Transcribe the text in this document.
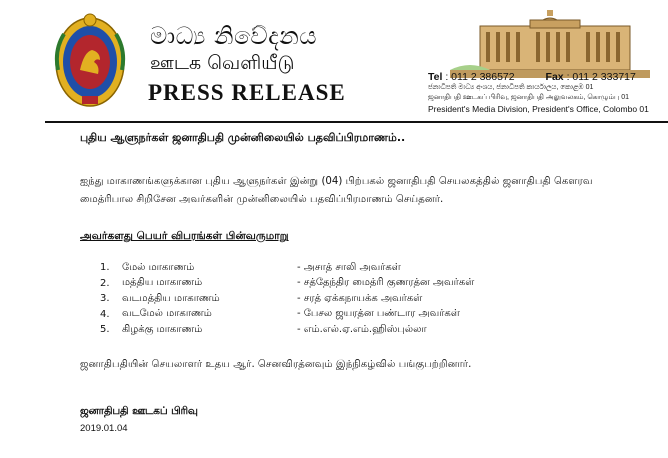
මාධ්‍ය නිවේදනය
ஊடக வெளியீடு
PRESS RELEASE
Tel : 011 2 386572	Fax : 011 2 333717
ජනාධිපති මාධ්‍ය අංශය, ජනාධිපති කාර්යාලය, කොළඹ 01
ஜனாதிபதி ஊடகப் பிரிவு, ஜனாதிபதி அலுவலகம், கொழும்பு 01
President's Media Division, President's Office, Colombo 01

புதிய ஆளுநர்கள் ஜனாதிபதி முன்னிலையில் பதவிப்பிரமாணம்..

ஐந்து மாகாணங்களுக்கான புதிய ஆளுநர்கள் இன்று (04) பிற்பகல் ஜனாதிபதி செயலகத்தில் ஜனாதிபதி கௌரவ மைத்ரிபால சிறிசேன அவர்களின் முன்னிலையில் பதவிப்பிரமாணம் செய்தனர்.
அவர்களது பெயர் விபரங்கள் பின்வருமாறு
1.	மேல் மாகாணம்	- அசாத் சாலி அவர்கள்
2.	மத்திய மாகாணம்	- சத்தேந்திர மைத்ரி குணரத்ன அவர்கள்
3.	வடமத்திய மாகாணம்	- சரத் ஏக்கநாயக்க அவர்கள்
4.	வடமேல் மாகாணம்	- பேசல ஜயரத்ன பண்டார அவர்கள்
5.	கிழக்கு மாகாணம்	- எம்.எல்.ஏ.எம்.ஹிஸ்புல்லா
ஜனாதிபதியின் செயலாளர் உதய ஆர். செனவிரத்னவும் இந்நிகழ்வில் பங்குபற்றினார்.
ஜனாதிபதி ஊடகப் பிரிவு
2019.01.04
